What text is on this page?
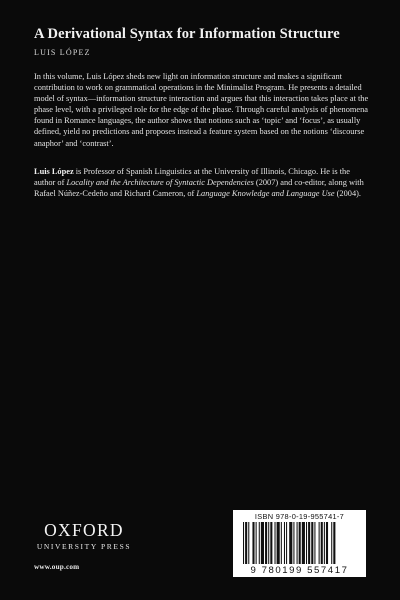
A Derivational Syntax for Information Structure
LUIS LÓPEZ

In this volume, Luis López sheds new light on information structure and makes a significant contribution to work on grammatical operations in the Minimalist Program. He presents a detailed model of syntax—information structure interaction and argues that this interaction takes place at the phase level, with a privileged role for the edge of the phase. Through careful analysis of phenomena found in Romance languages, the author shows that notions such as ‘topic’ and ‘focus’, as usually defined, yield no predictions and proposes instead a feature system based on the notions ‘discourse anaphor’ and ‘contrast’.

Luis López is Professor of Spanish Linguistics at the University of Illinois, Chicago. He is the author of Locality and the Architecture of Syntactic Dependencies (2007) and co-editor, along with Rafael Núñez-Cedeño and Richard Cameron, of Language Knowledge and Language Use (2004).

OXFORD
UNIVERSITY PRESS
www.oup.com
ISBN 978-0-19-955741-7
9 780199 557417
